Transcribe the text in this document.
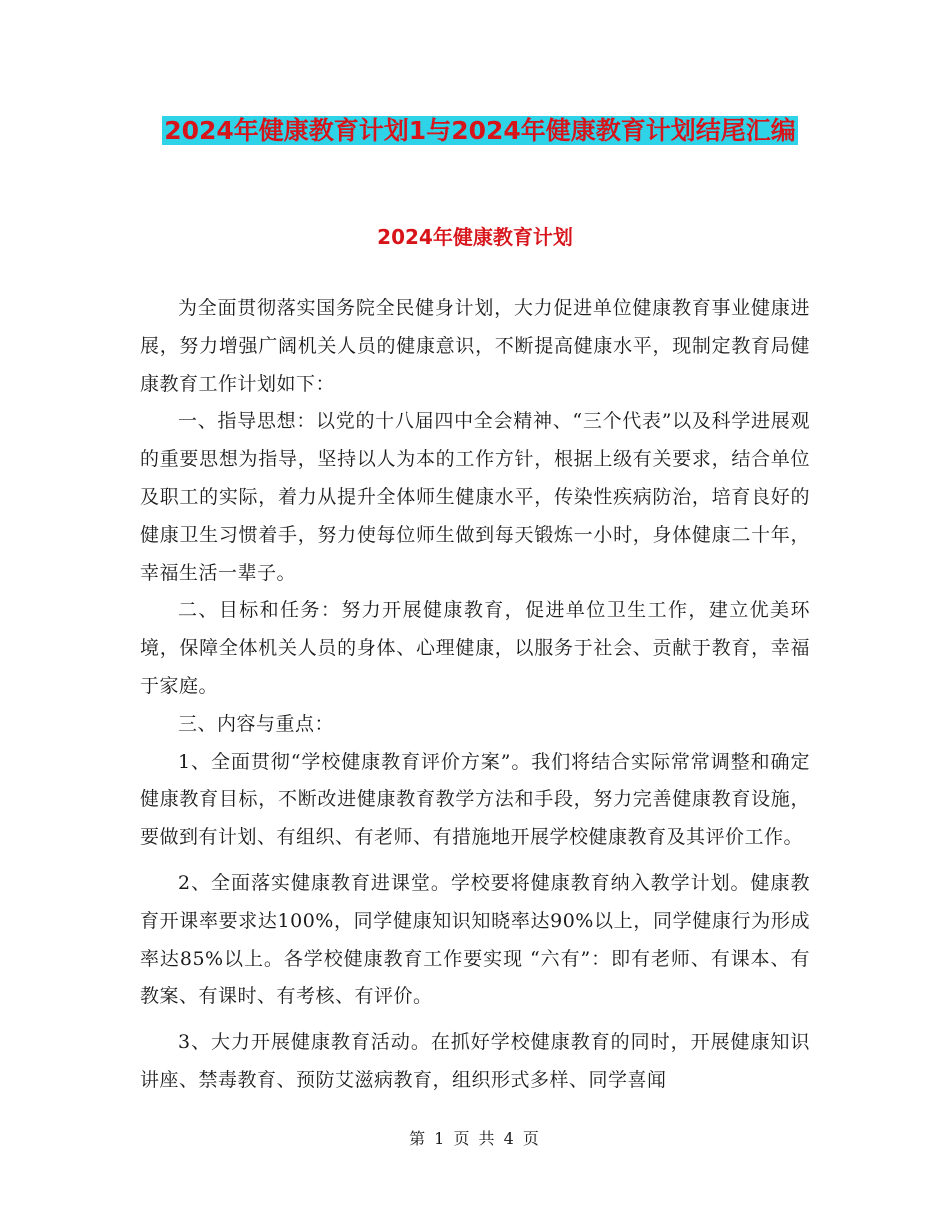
2024年健康教育计划1与2024年健康教育计划结尾汇编
2024年健康教育计划

为全面贯彻落实国务院全民健身计划，大力促进单位健康教育事业健康进展，努力增强广阔机关人员的健康意识，不断提高健康水平，现制定教育局健康教育工作计划如下：

一、指导思想：以党的十八届四中全会精神、“三个代表”以及科学进展观的重要思想为指导，坚持以人为本的工作方针，根据上级有关要求，结合单位及职工的实际，着力从提升全体师生健康水平，传染性疾病防治，培育良好的健康卫生习惯着手，努力使每位师生做到每天锻炼一小时，身体健康二十年，幸福生活一辈子。

二、目标和任务：努力开展健康教育，促进单位卫生工作，建立优美环境，保障全体机关人员的身体、心理健康，以服务于社会、贡献于教育，幸福于家庭。

三、内容与重点：

1、全面贯彻“学校健康教育评价方案”。我们将结合实际常常调整和确定健康教育目标，不断改进健康教育教学方法和手段，努力完善健康教育设施，要做到有计划、有组织、有老师、有措施地开展学校健康教育及其评价工作。

2、全面落实健康教育进课堂。学校要将健康教育纳入教学计划。健康教育开课率要求达100%，同学健康知识知晓率达90%以上，同学健康行为形成率达85%以上。各学校健康教育工作要实现 “六有”：即有老师、有课本、有教案、有课时、有考核、有评价。

3、大力开展健康教育活动。在抓好学校健康教育的同时，开展健康知识讲座、禁毒教育、预防艾滋病教育，组织形式多样、同学喜闻

第 1 页 共 4 页
